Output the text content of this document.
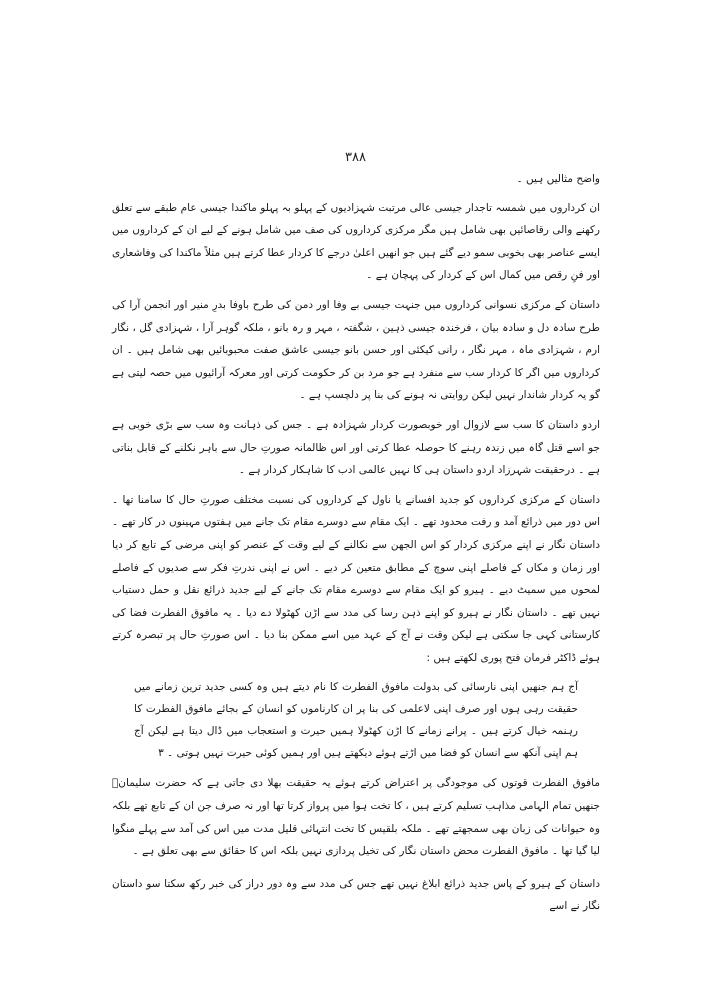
۳۸۸

واضح مثالیں ہیں ۔

ان کرداروں میں شمسہ تاجدار جیسی عالی مرتبت شہزادیوں کے پہلو بہ پہلو ماکندا جیسی عام طبقے سے تعلق رکھنے والی رقاصائیں بھی شامل ہیں مگر مرکزی کرداروں کی صف میں شامل ہونے کے لیے ان کے کرداروں میں ایسے عناصر بھی بخوبی سمو دیے گئے ہیں جو انھیں اعلیٰ درجے کا کردار عطا کرتے ہیں مثلاً ماکندا کی وفاشعاری اور فنِ رقص میں کمال اس کے کردار کی پہچان ہے ۔

داستان کے مرکزی نسوانی کرداروں میں جنہت جیسی بے وفا اور دمن کی طرح باوفا بدرِ منیر اور انجمن آرا کی طرح سادہ دل و سادہ بیان ، فرخندہ جیسی ذہین ، شگفتہ ، مہر و رہ بانو ، ملکہ گوہر آرا ، شہزادی گل ، نگار ارم ، شہزادی ماہ ، مہر نگار ، رانی کیکئی اور حسن بانو جیسی عاشق صفت محبوبائیں بھی شامل ہیں ۔ ان کرداروں میں اگر کا کردار سب سے منفرد ہے جو مرد بن کر حکومت کرتی اور معرکہ آرائیوں میں حصہ لیتی ہے گو یہ کردار شاندار نہیں لیکن روایتی نہ ہونے کی بنا پر دلچسپ ہے ۔

اردو داستان کا سب سے لازوال اور خوبصورت کردار شہزادہ ہے ۔ جس کی ذہانت وہ سب سے بڑی خوبی ہے جو اسے قتل گاہ میں زندہ رہنے کا حوصلہ عطا کرتی اور اس ظالمانہ صورتِ حال سے باہر نکلنے کے قابل بناتی ہے ۔ درحقیقت شہرزاد اردو داستان ہی کا نہیں عالمی ادب کا شاہکار کردار ہے ۔

داستان کے مرکزی کرداروں کو جدید افسانے یا ناول کے کرداروں کی نسبت مختلف صورتِ حال کا سامنا تھا ۔ اس دور میں ذرائع آمد و رفت محدود تھے ۔ ایک مقام سے دوسرے مقام تک جانے میں ہفتوں مہینوں در کار تھے ۔ داستان نگار نے اپنے مرکزی کردار کو اس الجھن سے نکالنے کے لیے وقت کے عنصر کو اپنی مرضی کے تابع کر دیا اور زمان و مکاں کے فاصلے اپنی سوچ کے مطابق متعین کر دیے ۔ اس نے اپنی ندرتِ فکر سے صدیوں کے فاصلے لمحوں میں سمیٹ دیے ۔ ہیرو کو ایک مقام سے دوسرے مقام تک جانے کے لیے جدید ذرائع نقل و حمل دستیاب نہیں تھے ۔ داستان نگار نے ہیرو کو اپنے ذہن رسا کی مدد سے اڑن کھٹولا دے دیا ۔ یہ مافوق الفطرت فضا کی کارستانی کہی جا سکتی ہے لیکن وقت نے آج کے عہد میں اسے ممکن بنا دیا ۔ اس صورتِ حال پر تبصرہ کرتے ہوئے ڈاکٹر فرمان فتح پوری لکھتے ہیں :

آج ہم جنھیں اپنی نارسائی کی بدولت مافوق الفطرت کا نام دیتے ہیں وہ کسی جدید ترین زمانے میں حقیقت رہی ہوں اور صرف اپنی لاعلمی کی بنا پر ان کارناموں کو انسان کے بجائے مافوق الفطرت کا رہنمہ خیال کرتے ہیں ۔ پرانے زمانے کا اڑن کھٹولا ہمیں حیرت و استعجاب میں ڈال دیتا ہے لیکن آج ہم اپنی آنکھ سے انسان کو فضا میں اڑتے ہوئے دیکھتے ہیں اور ہمیں کوئی حیرت نہیں ہوتی ۔ ۳

مافوق الفطرت قوتوں کی موجودگی پر اعتراض کرتے ہوئے یہ حقیقت بھلا دی جاتی ہے کہ حضرت سلیمانؑ جنھیں تمام الہامی مذاہب تسلیم کرتے ہیں ، کا تخت ہوا میں پرواز کرتا تھا اور نہ صرف جن ان کے تابع تھے بلکہ وہ حیوانات کی زبان بھی سمجھتے تھے ۔ ملکہ بلقیس کا تخت انتہائی قلیل مدت میں اس کی آمد سے پہلے منگوا لیا گیا تھا ۔ مافوق الفطرت محض داستان نگار کی تخیل پردازی نہیں بلکہ اس کا حقائق سے بھی تعلق ہے ۔

داستان کے ہیرو کے پاس جدید ذرائع ابلاغ نہیں تھے جس کی مدد سے وہ دور دراز کی خبر رکھ سکتا سو داستان نگار نے اسے
